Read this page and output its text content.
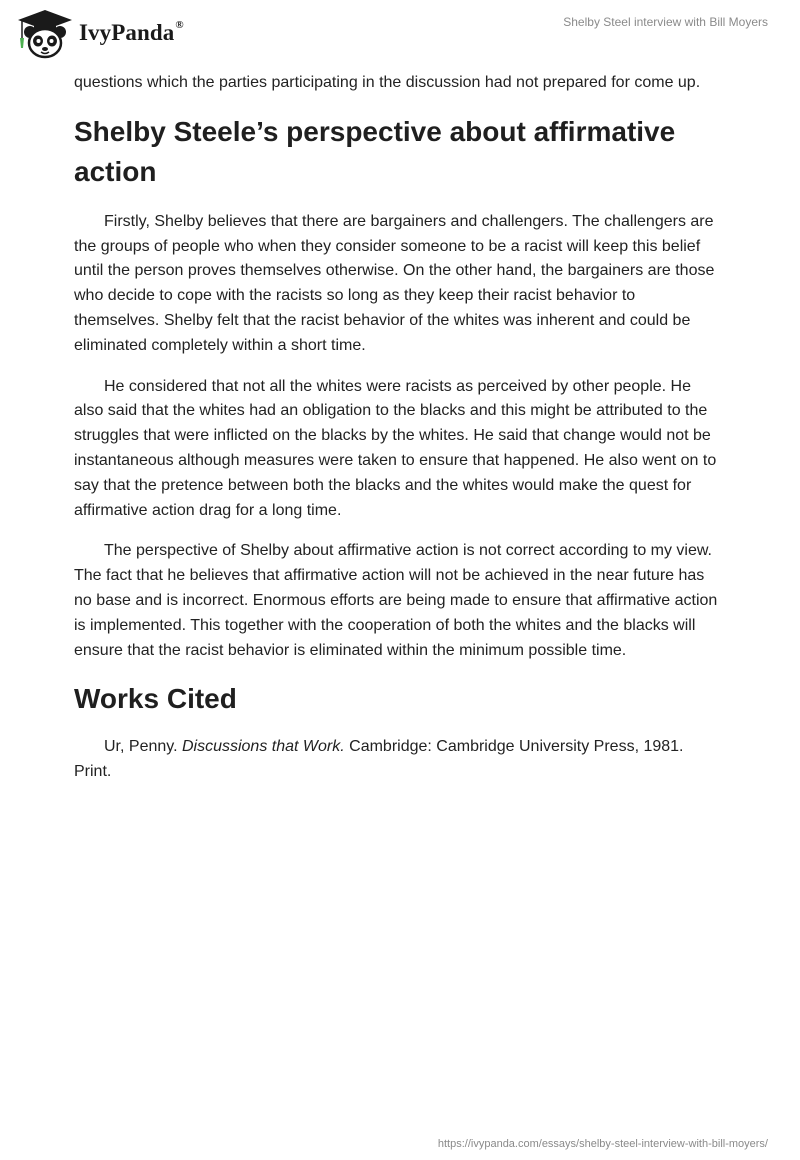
IvyPanda®	Shelby Steel interview with Bill Moyers

questions which the parties participating in the discussion had not prepared for come up.

Shelby Steele’s perspective about affirmative action

Firstly, Shelby believes that there are bargainers and challengers. The challengers are the groups of people who when they consider someone to be a racist will keep this belief until the person proves themselves otherwise. On the other hand, the bargainers are those who decide to cope with the racists so long as they keep their racist behavior to themselves. Shelby felt that the racist behavior of the whites was inherent and could be eliminated completely within a short time.

He considered that not all the whites were racists as perceived by other people. He also said that the whites had an obligation to the blacks and this might be attributed to the struggles that were inflicted on the blacks by the whites. He said that change would not be instantaneous although measures were taken to ensure that happened. He also went on to say that the pretence between both the blacks and the whites would make the quest for affirmative action drag for a long time.

The perspective of Shelby about affirmative action is not correct according to my view. The fact that he believes that affirmative action will not be achieved in the near future has no base and is incorrect. Enormous efforts are being made to ensure that affirmative action is implemented. This together with the cooperation of both the whites and the blacks will ensure that the racist behavior is eliminated within the minimum possible time.

Works Cited

Ur, Penny. Discussions that Work. Cambridge: Cambridge University Press, 1981. Print.

https://ivypanda.com/essays/shelby-steel-interview-with-bill-moyers/
